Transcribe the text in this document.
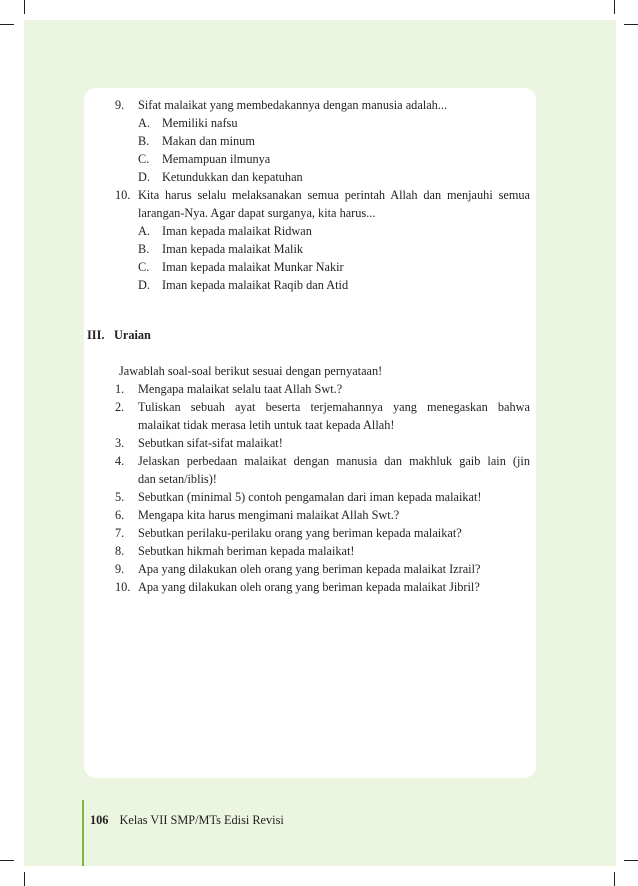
9. Sifat malaikat yang membedakannya dengan manusia adalah...
A. Memiliki nafsu
B. Makan dan minum
C. Memampuan ilmunya
D. Ketundukkan dan kepatuhan
10. Kita harus selalu melaksanakan semua perintah Allah dan menjauhi semua
larangan-Nya. Agar dapat surganya, kita harus...
A. Iman kepada malaikat Ridwan
B. Iman kepada malaikat Malik
C. Iman kepada malaikat Munkar Nakir
D. Iman kepada malaikat Raqib dan Atid
III. Uraian
Jawablah soal-soal berikut sesuai dengan pernyataan!
1. Mengapa malaikat selalu taat Allah Swt.?
2. Tuliskan sebuah ayat beserta terjemahannya yang menegaskan bahwa
malaikat tidak merasa letih untuk taat kepada Allah!
3. Sebutkan sifat-sifat malaikat!
4. Jelaskan perbedaan malaikat dengan manusia dan makhluk gaib lain (jin
dan setan/iblis)!
5. Sebutkan (minimal 5) contoh pengamalan dari iman kepada malaikat!
6. Mengapa kita harus mengimani malaikat Allah Swt.?
7. Sebutkan perilaku-perilaku orang yang beriman kepada malaikat?
8. Sebutkan hikmah beriman kepada malaikat!
9. Apa yang dilakukan oleh orang yang beriman kepada malaikat Izrail?
10. Apa yang dilakukan oleh orang yang beriman kepada malaikat Jibril?
106 Kelas VII SMP/MTs Edisi Revisi
